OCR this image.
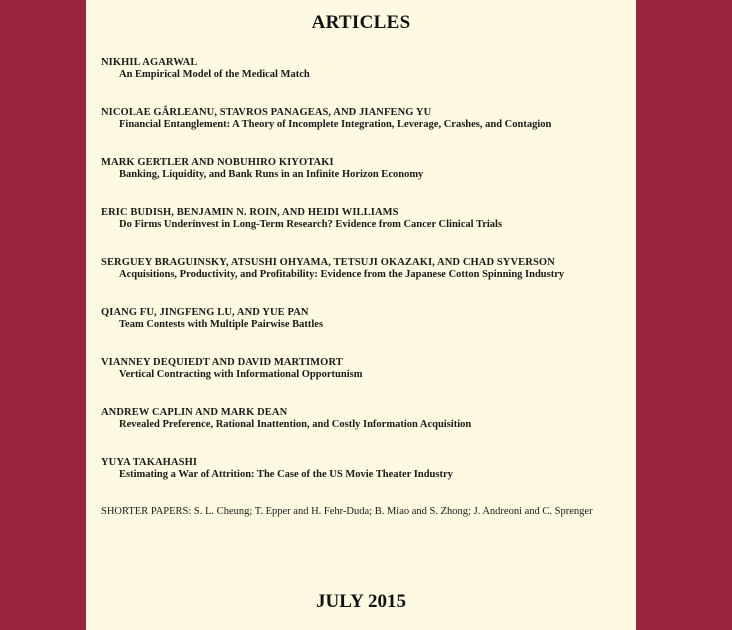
ARTICLES
NIKHIL AGARWAL
An Empirical Model of the Medical Match
NICOLAE GÂRLEANU, STAVROS PANAGEAS, AND JIANFENG YU
Financial Entanglement: A Theory of Incomplete Integration, Leverage, Crashes, and Contagion
MARK GERTLER AND NOBUHIRO KIYOTAKI
Banking, Liquidity, and Bank Runs in an Infinite Horizon Economy
ERIC BUDISH, BENJAMIN N. ROIN, AND HEIDI WILLIAMS
Do Firms Underinvest in Long-Term Research? Evidence from Cancer Clinical Trials
SERGUEY BRAGUINSKY, ATSUSHI OHYAMA, TETSUJI OKAZAKI, AND CHAD SYVERSON
Acquisitions, Productivity, and Profitability: Evidence from the Japanese Cotton Spinning Industry
QIANG FU, JINGFENG LU, AND YUE PAN
Team Contests with Multiple Pairwise Battles
VIANNEY DEQUIEDT AND DAVID MARTIMORT
Vertical Contracting with Informational Opportunism
ANDREW CAPLIN AND MARK DEAN
Revealed Preference, Rational Inattention, and Costly Information Acquisition
YUYA TAKAHASHI
Estimating a War of Attrition: The Case of the US Movie Theater Industry
SHORTER PAPERS: S. L. Cheung; T. Epper and H. Fehr-Duda; B. Miao and S. Zhong; J. Andreoni and C. Sprenger
JULY 2015
